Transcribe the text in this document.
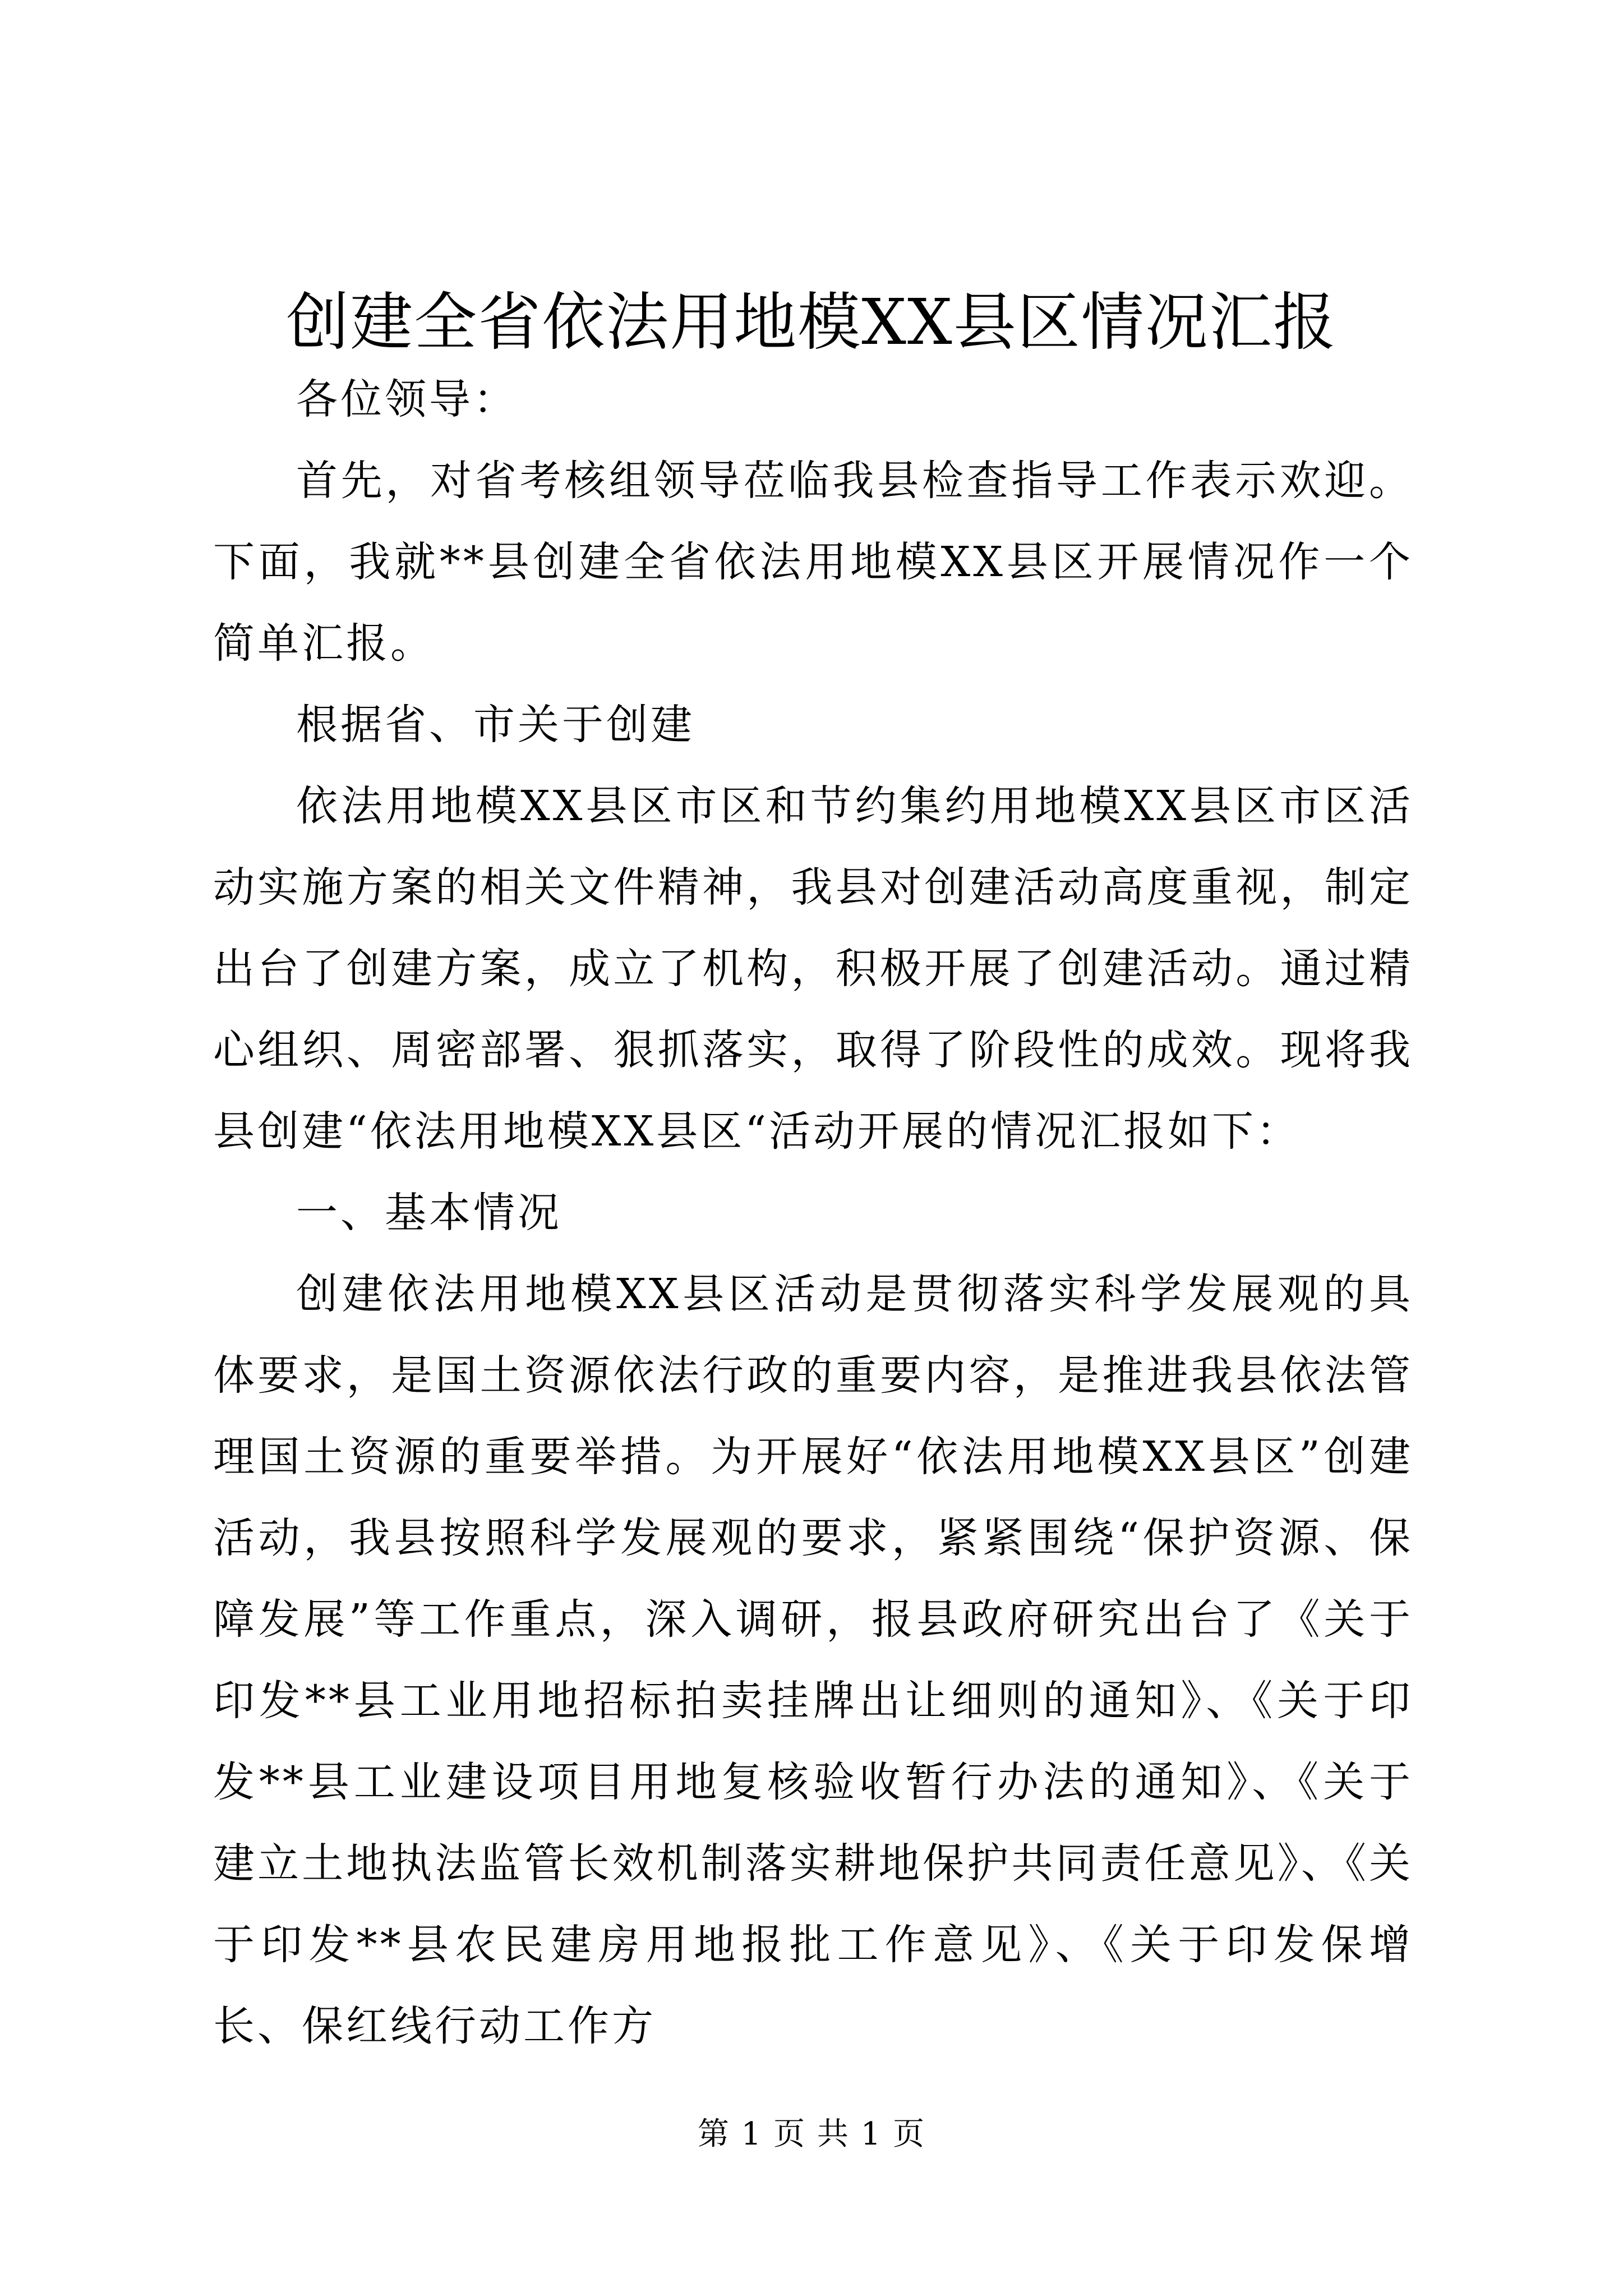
创建全省依法用地模XX县区情况汇报

各位领导：

首先，对省考核组领导莅临我县检查指导工作表示欢迎。下面，我就**县创建全省依法用地模XX县区开展情况作一个简单汇报。

根据省、市关于创建

依法用地模XX县区市区和节约集约用地模XX县区市区活动实施方案的相关文件精神，我县对创建活动高度重视，制定出台了创建方案，成立了机构，积极开展了创建活动。通过精心组织、周密部署、狠抓落实，取得了阶段性的成效。现将我县创建“依法用地模XX县区“活动开展的情况汇报如下：

一、基本情况

创建依法用地模XX县区活动是贯彻落实科学发展观的具体要求，是国土资源依法行政的重要内容，是推进我县依法管理国土资源的重要举措。为开展好“依法用地模XX县区”创建活动，我县按照科学发展观的要求，紧紧围绕“保护资源、保障发展”等工作重点，深入调研，报县政府研究出台了《关于印发**县工业用地招标拍卖挂牌出让细则的通知》、《关于印发**县工业建设项目用地复核验收暂行办法的通知》、《关于建立土地执法监管长效机制落实耕地保护共同责任意见》、《关于印发**县农民建房用地报批工作意见》、《关于印发保增长、保红线行动工作方

第 1 页 共 1 页
